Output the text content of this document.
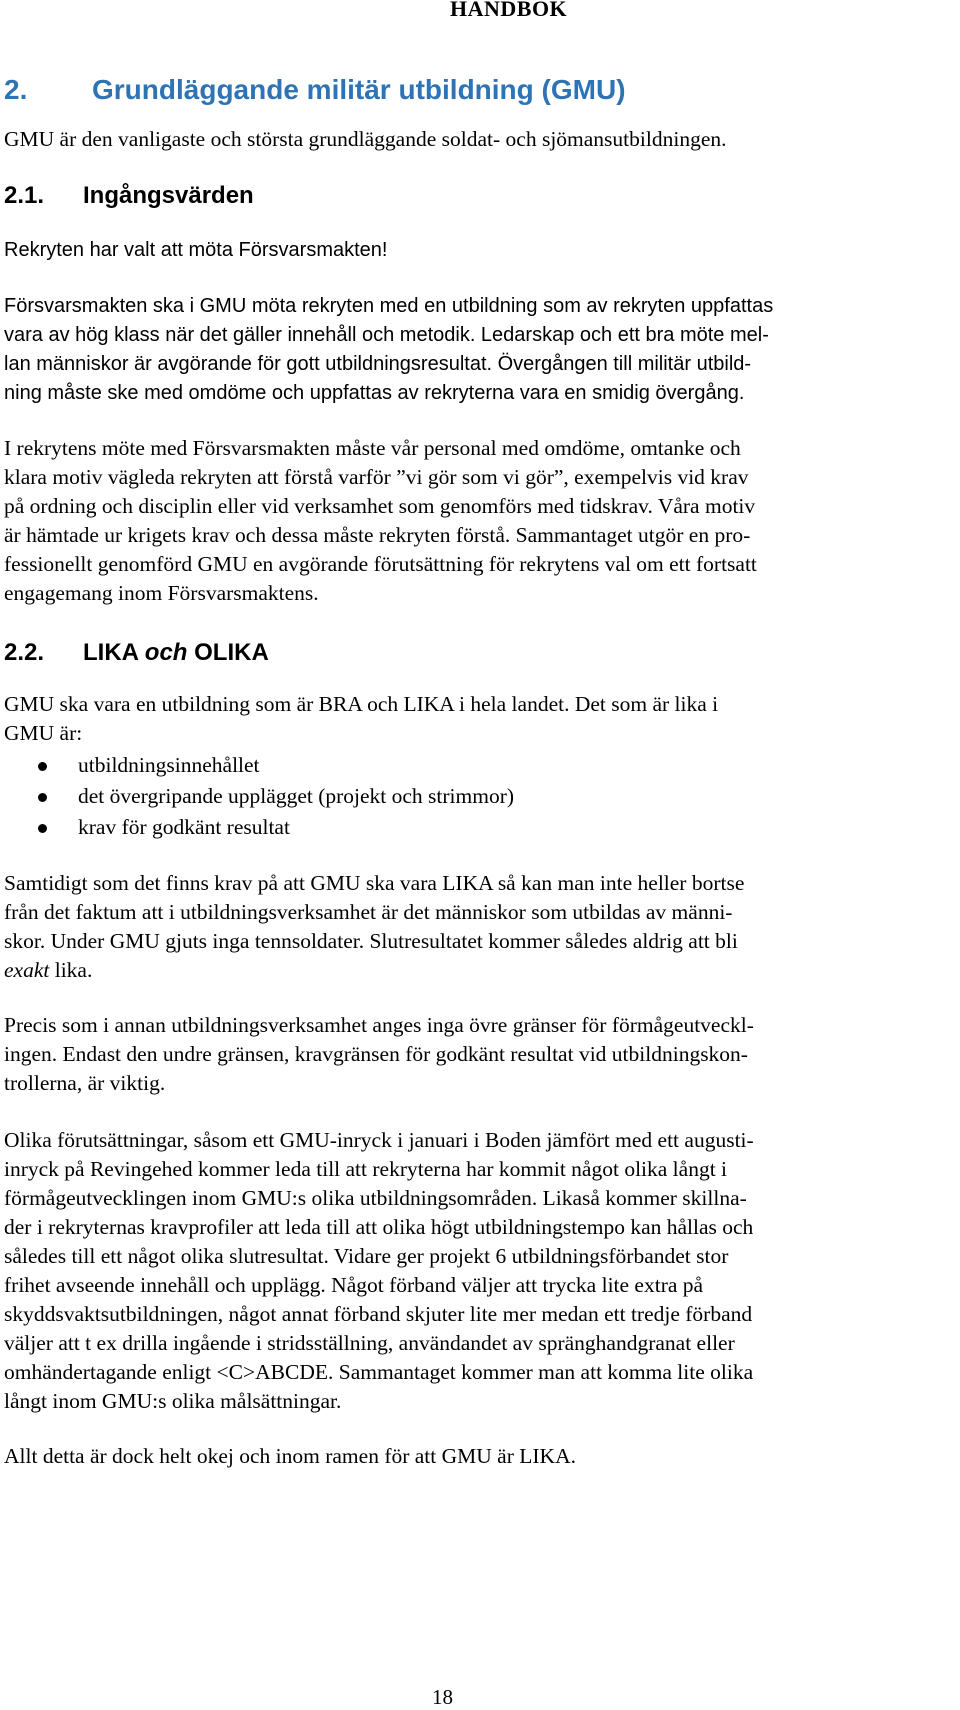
HANDBOK
2. Grundläggande militär utbildning (GMU)
GMU är den vanligaste och största grundläggande soldat- och sjömansutbildningen.
2.1. Ingångsvärden
Rekryten har valt att möta Försvarsmakten!
Försvarsmakten ska i GMU möta rekryten med en utbildning som av rekryten uppfattas
vara av hög klass när det gäller innehåll och metodik. Ledarskap och ett bra möte mel-
lan människor är avgörande för gott utbildningsresultat. Övergången till militär utbild-
ning måste ske med omdöme och uppfattas av rekryterna vara en smidig övergång.
I rekrytens möte med Försvarsmakten måste vår personal med omdöme, omtanke och
klara motiv vägleda rekryten att förstå varför ”vi gör som vi gör”, exempelvis vid krav
på ordning och disciplin eller vid verksamhet som genomförs med tidskrav. Våra motiv
är hämtade ur krigets krav och dessa måste rekryten förstå. Sammantaget utgör en pro-
fessionellt genomförd GMU en avgörande förutsättning för rekrytens val om ett fortsatt
engagemang inom Försvarsmaktens.
2.2. LIKA och OLIKA
GMU ska vara en utbildning som är BRA och LIKA i hela landet. Det som är lika i
GMU är:
utbildningsinnehållet
det övergripande upplägget (projekt och strimmor)
krav för godkänt resultat
Samtidigt som det finns krav på att GMU ska vara LIKA så kan man inte heller bortse
från det faktum att i utbildningsverksamhet är det människor som utbildas av männi-
skor. Under GMU gjuts inga tennsoldater. Slutresultatet kommer således aldrig att bli
exakt lika.
Precis som i annan utbildningsverksamhet anges inga övre gränser för förmågeutveckl-
ingen. Endast den undre gränsen, kravgränsen för godkänt resultat vid utbildningskon-
trollerna, är viktig.
Olika förutsättningar, såsom ett GMU-inryck i januari i Boden jämfört med ett augusti-
inryck på Revingehed kommer leda till att rekryterna har kommit något olika långt i
förmågeutvecklingen inom GMU:s olika utbildningsområden. Likaså kommer skillna-
der i rekryternas kravprofiler att leda till att olika högt utbildningstempo kan hållas och
således till ett något olika slutresultat. Vidare ger projekt 6 utbildningsförbandet stor
frihet avseende innehåll och upplägg. Något förband väljer att trycka lite extra på
skyddsvaktsutbildningen, något annat förband skjuter lite mer medan ett tredje förband
väljer att t ex drilla ingående i stridsställning, användandet av spränghandgranat eller
omhändertagande enligt <C>ABCDE. Sammantaget kommer man att komma lite olika
långt inom GMU:s olika målsättningar.
Allt detta är dock helt okej och inom ramen för att GMU är LIKA.
18
